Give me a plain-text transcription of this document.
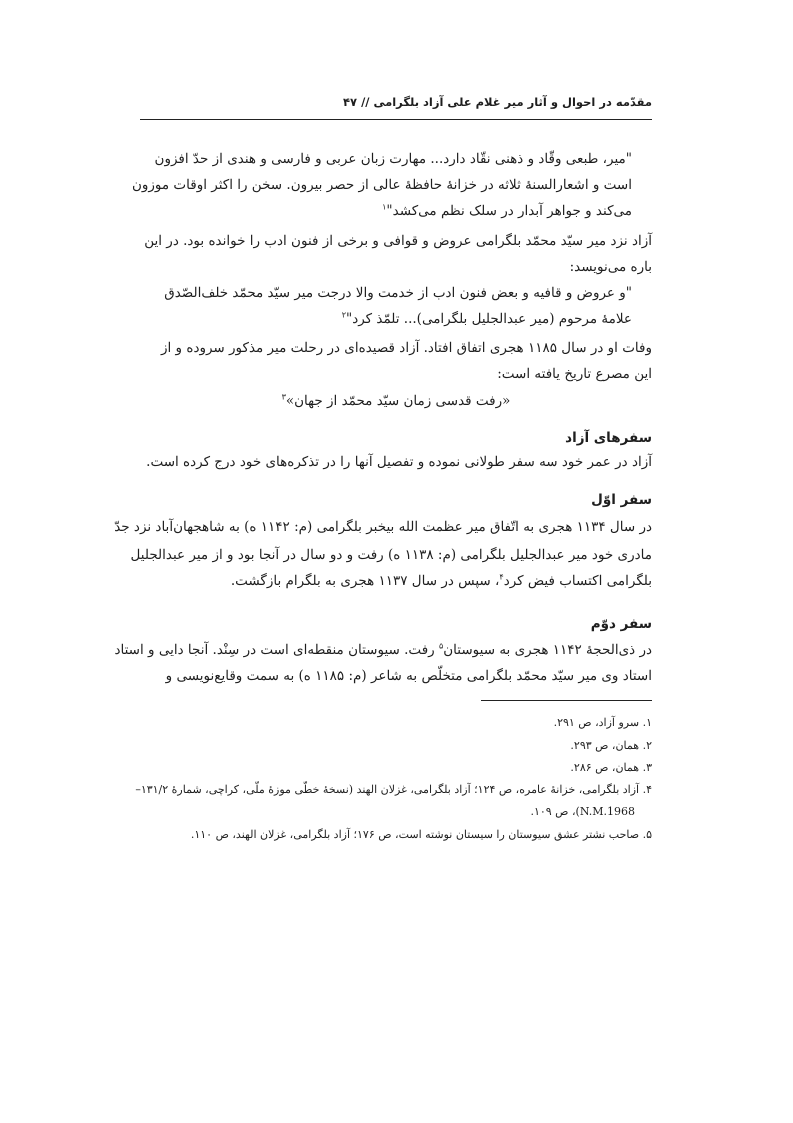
مقدّمه در احوال و آثار میر غلام علی آزاد بلگرامی // ۴۷
"میر، طبعی وقّاد و ذهنی نقّاد دارد... مهارت زبان عربی و فارسی و هندی از حدّ افزون
است و اشعارالسنۀ ثلاثه در خزانۀ حافظۀ عالی از حصر بیرون. سخن را اکثر اوقات موزون
می‌کند و جواهر آبدار در سلک نظم می‌کشد"$^۱$
آزاد نزد میر سیّد محمّد بلگرامی عروض و قوافی و برخی از فنون ادب را خوانده بود. در این
باره می‌نویسد:
"و عروض و قافیه و بعض فنون ادب از خدمت والا درجت میر سیّد محمّد خلف‌الصّدق
علامۀ مرحوم (میر عبدالجلیل بلگرامی)... تلمّذ کرد"$^۲$
وفات او در سال ۱۱۸۵ هجری اتفاق افتاد. آزاد قصیده‌ای در رحلت میر مذکور سروده و از
این مصرع تاریخ یافته است:
«رفت قدسی زمان سیّد محمّد از جهان»$^۳$
سفرهای آزاد
آزاد در عمر خود سه سفر طولانی نموده و تفصیل آنها را در تذکره‌های خود درج کرده است.
سفر اوّل
در سال ۱۱۳۴ هجری به اتّفاق میر عظمت الله بیخبر بلگرامی (م: ۱۱۴۲ ه) به شاهجهان‌آباد نزد جدّ
مادری خود میر عبدالجلیل بلگرامی (م: ۱۱۳۸ ه) رفت و دو سال در آنجا بود و از میر عبدالجلیل
بلگرامی اکتساب فیض کرد$^۴$، سپس در سال ۱۱۳۷ هجری به بلگرام بازگشت.
سفر دوّم
در ذی‌الحجۀ ۱۱۴۲ هجری به سیوستان$^۵$ رفت. سیوستان منقطه‌ای است در سِنْد. آنجا دایی و استاد
استاد وی میر سیّد محمّد بلگرامی متخلّص به شاعر (م: ۱۱۸۵ ه) به سمت وقایع‌نویسی و
۱. سرو آزاد، ص ۲۹۱.
۲. همان، ص ۲۹۳.
۳. همان، ص ۲۸۶.
۴. آزاد بلگرامی، خزانۀ عامره، ص ۱۲۴؛ آزاد بلگرامی، غزلان الهند (نسخۀ خطّی موزۀ ملّی، کراچی، شمارۀ ۱۳۱/۲–
N.M.1968)، ص ۱۰۹.
۵. صاحب نشتر عشق سیوستان را سیستان نوشته است، ص ۱۷۶؛ آزاد بلگرامی، غزلان الهند، ص ۱۱۰.
